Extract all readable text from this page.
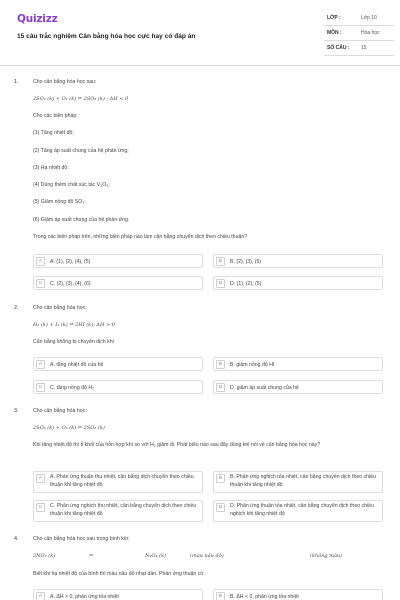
Quizizz
15 câu trắc nghiệm Cân bằng hóa học cực hay có đáp án
LỚP :	Lớp 10
MÔN :	Hóa học
SỐ CÂU : 15
1.	Cho cân bằng hóa học sau:
2SO₂ (k) + O₂ (k) ⇌ 2SO₃ (k) ; ΔH < 0
Cho các biện pháp:
(1) Tăng nhiệt độ;
(2) Tăng áp suất chung của hệ phản ứng;
(3) Hạ nhiệt độ;
(4) Dùng thêm chất xúc tác V₂O₅;
(5) Giảm nồng độ SO₃;
(6) Giảm áp suất chung của hệ phản ứng.
Trong các biện pháp trên, những biện pháp nào làm cân bằng chuyển dịch theo chiều thuận?
A	A. (1), (2), (4), (5)	B	B. (2), (3), (5)
C	C. (2), (3), (4), (6)	D	D. (1), (2), (5)
2.	Cho cân bằng hóa học:
H₂ (k) + I₂ (k) ⇌ 2HI (k); ΔH > 0
Cân bằng không bị chuyển dịch khi
A	A. tăng nhiệt độ của hệ	B	B. giảm nồng độ HI
C	C. tăng nồng độ H₂	D	D. giảm áp suất chung của hệ
3.	Cho cân bằng hóa học:
2SO₂ (k) + O₂ (k) ⇌ 2SO₃ (k)
Khi tăng nhiệt độ thì tỉ khối của hỗn hợp khí so với H₂ giảm đi. Phát biểu nào sau đây đúng khi nói về cân bằng hóa học này?
A	A. Phản ứng thuận thu nhiệt, cân bằng dịch chuyển theo chiều thuận khi tăng nhiệt độ
B	B. Phản ứng nghịch tỏa nhiệt, cân bằng chuyển dịch theo chiều thuận khi tăng nhiệt độ
C	C. Phản ứng nghịch thu nhiệt, cân bằng chuyển dịch theo chiều thuận khi tăng nhiệt độ
D	D. Phản ứng thuận tỏa nhiệt, cân bằng chuyển dịch theo chiều nghịch khi tăng nhiệt độ
4.	Cho cân bằng hóa học sau trong bình kín:
2NO₂ (k)	⇌	N₂O₄ (k)	(màu nâu đỏ)	(không màu)
Biết khi hạ nhiệt độ của bình thì màu nâu đỏ nhạt dần. Phản ứng thuận có
A	A. ΔH > 0, phản ứng tỏa nhiệt	B	B. ΔH < 0, phản ứng tỏa nhiệt
